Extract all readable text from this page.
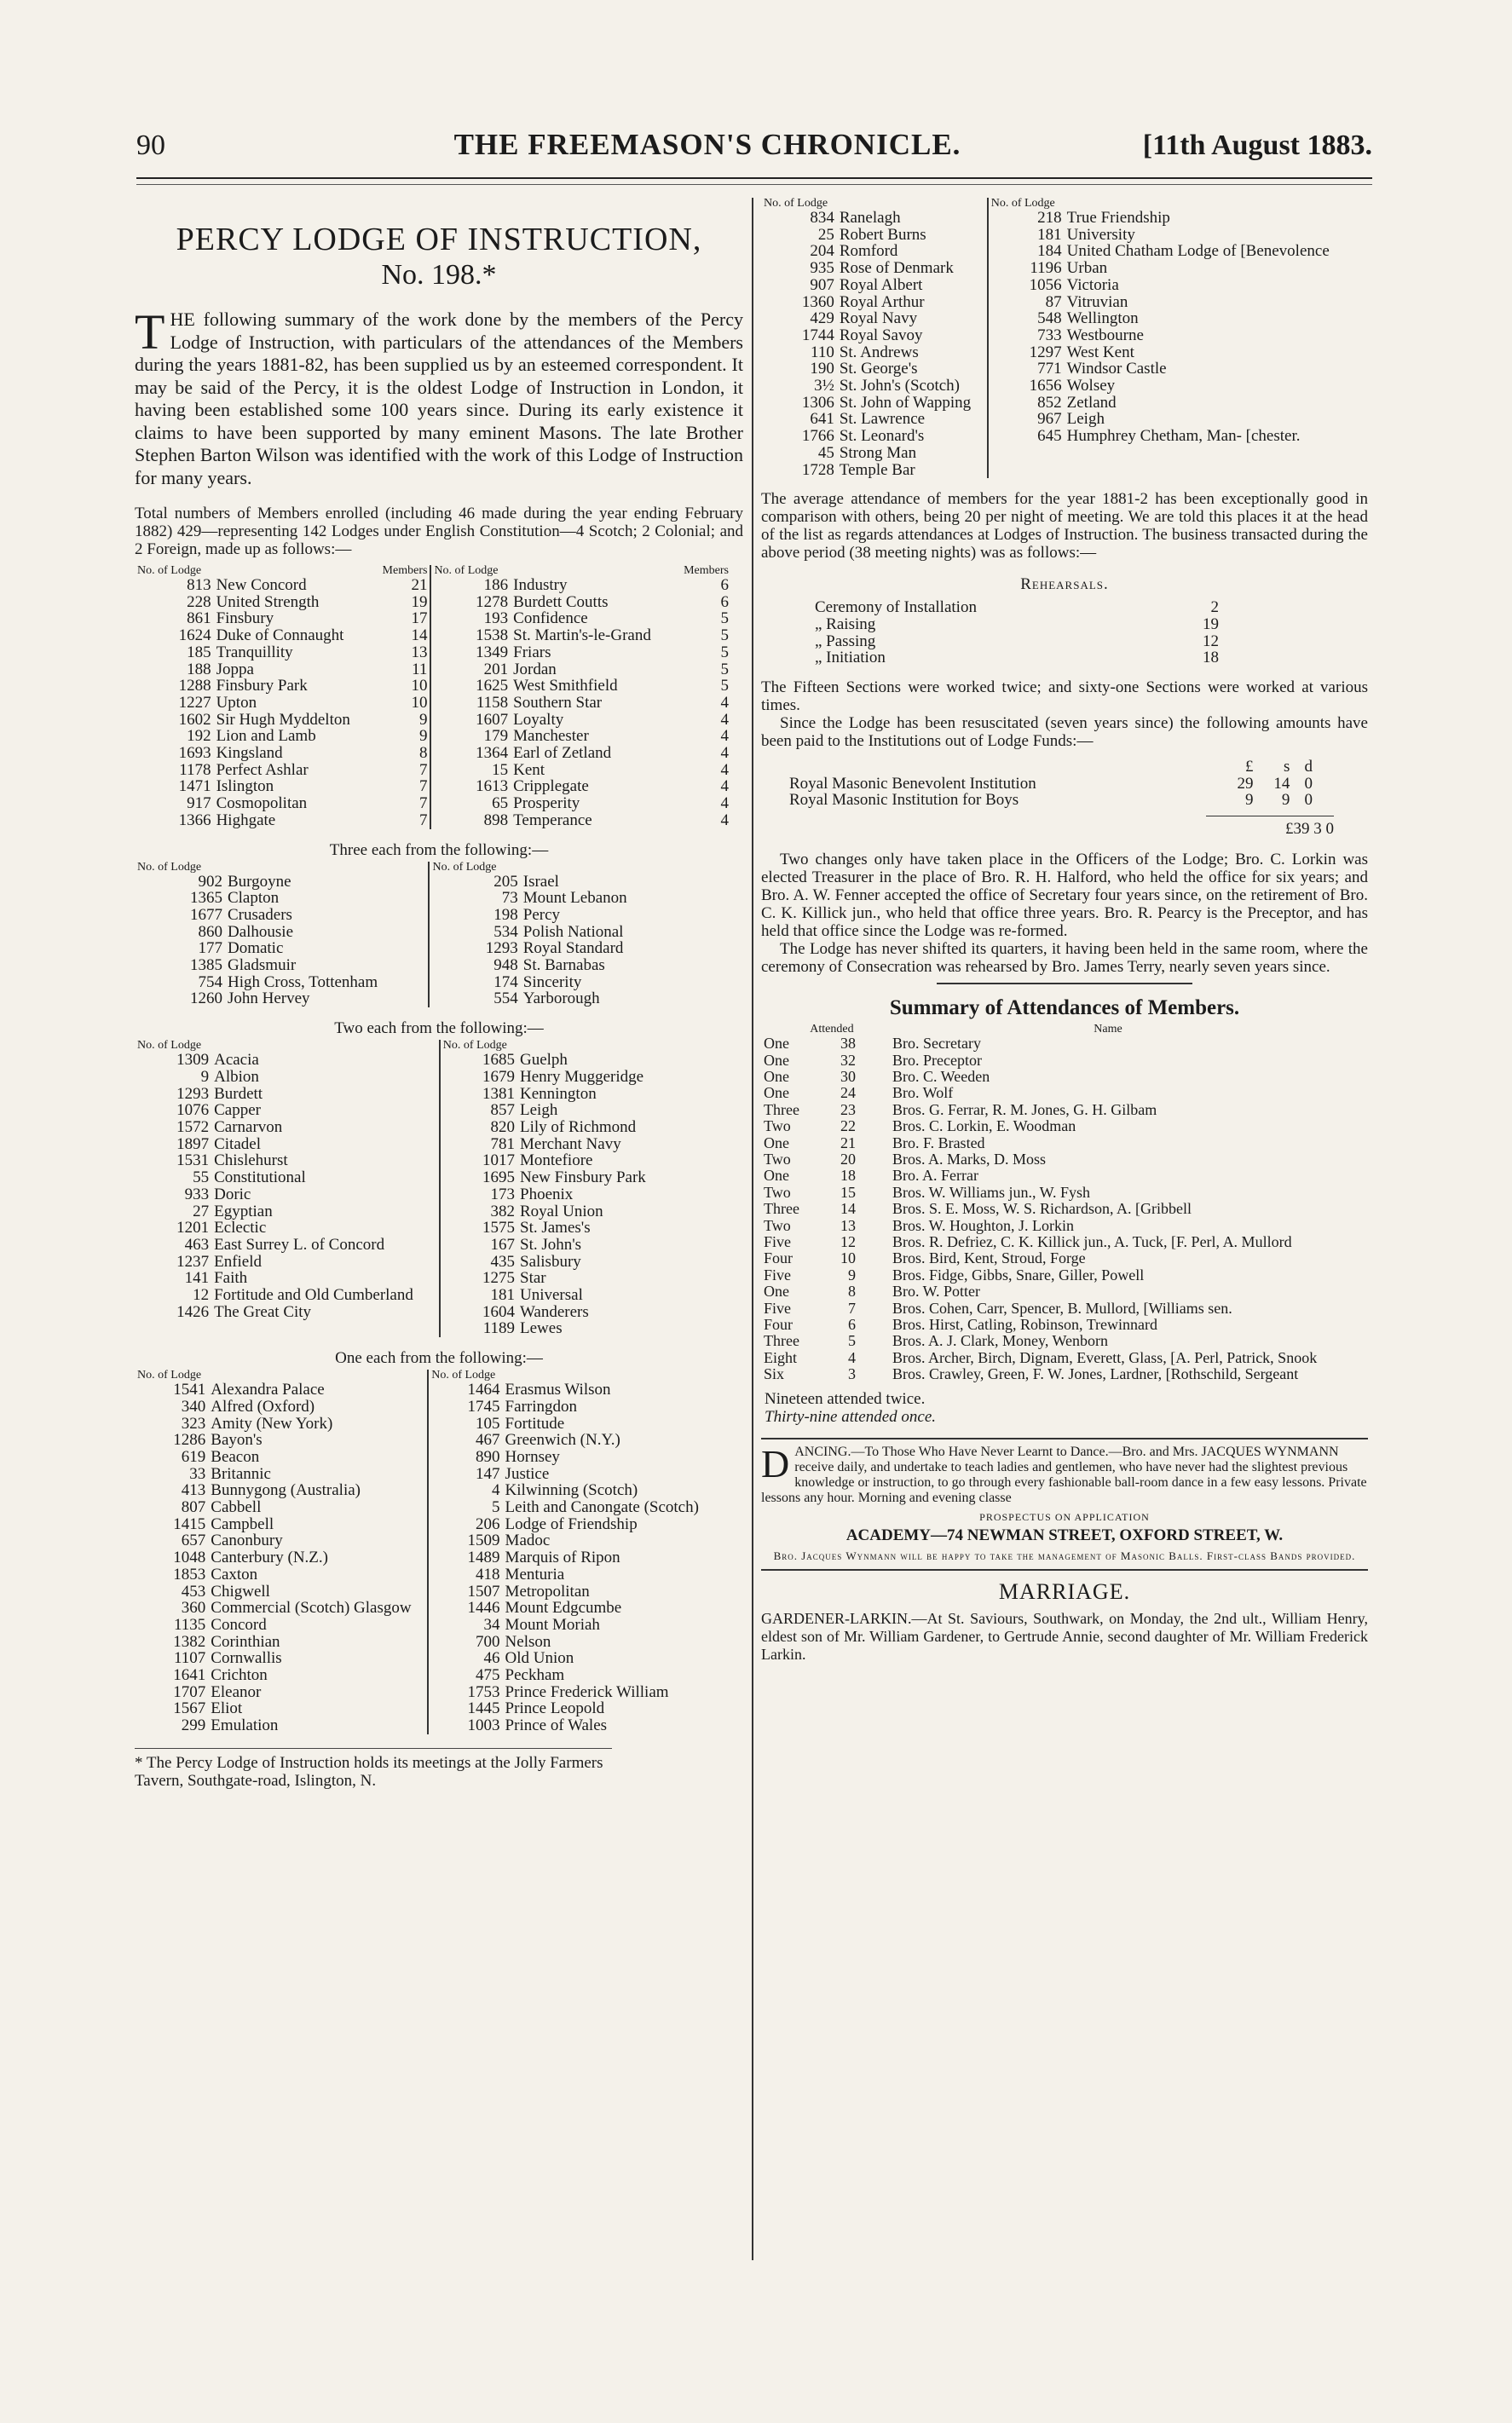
90	THE FREEMASON'S CHRONICLE.	[11th August 1883.
PERCY LODGE OF INSTRUCTION,
No. 198.*

THE following summary of the work done by the members of the Percy Lodge of Instruction, with particulars of the attendances of the Members during the years 1881-82, has been supplied us by an esteemed correspondent. It may be said of the Percy, it is the oldest Lodge of Instruction in London, it having been established some 100 years since. During its early existence it claims to have been supported by many eminent Masons. The late Brother Stephen Barton Wilson was identified with the work of this Lodge of Instruction for many years.

Total numbers of Members enrolled (including 46 made during the year ending February 1882) 429—representing 142 Lodges under English Constitution—4 Scotch; 2 Colonial; and 2 Foreign, made up as follows:—

No. of Lodge		Members	No. of Lodge		Members
813	New Concord	21	186	Industry	6
228	United Strength	19	1278	Burdett Coutts	6
861	Finsbury	17	193	Confidence	5
1624	Duke of Connaught	14	1538	St. Martin's-le-Grand	5
185	Tranquillity	13	1349	Friars	5
188	Joppa	11	201	Jordan	5
1288	Finsbury Park	10	1625	West Smithfield	5
1227	Upton	10	1158	Southern Star	4
1602	Sir Hugh Myddelton	9	1607	Loyalty	4
192	Lion and Lamb	9	179	Manchester	4
1693	Kingsland	8	1364	Earl of Zetland	4
1178	Perfect Ashlar	7	15	Kent	4
1471	Islington	7	1613	Cripplegate	4
917	Cosmopolitan	7	65	Prosperity	4
1366	Highgate	7	898	Temperance	4
Three each from the following:—
No. of Lodge		No. of Lodge	
902	Burgoyne	205	Israel
1365	Clapton	73	Mount Lebanon
1677	Crusaders	198	Percy
860	Dalhousie	534	Polish National
177	Domatic	1293	Royal Standard
1385	Gladsmuir	948	St. Barnabas
754	High Cross, Tottenham	174	Sincerity
1260	John Hervey	554	Yarborough
Two each from the following:—
No. of Lodge		No. of Lodge	
1309	Acacia	1685	Guelph
9	Albion	1679	Henry Muggeridge
1293	Burdett	1381	Kennington
1076	Capper	857	Leigh
1572	Carnarvon	820	Lily of Richmond
1897	Citadel	781	Merchant Navy
1531	Chislehurst	1017	Montefiore
55	Constitutional	1695	New Finsbury Park
933	Doric	173	Phoenix
27	Egyptian	382	Royal Union
1201	Eclectic	1575	St. James's
463	East Surrey L. of Concord	167	St. John's
1237	Enfield	435	Salisbury
141	Faith	1275	Star
12	Fortitude and Old Cumberland	181	Universal
1426	The Great City	1604	Wanderers
		1189	Lewes
One each from the following:—
No. of Lodge		No. of Lodge	
1541	Alexandra Palace	1464	Erasmus Wilson
340	Alfred (Oxford)	1745	Farringdon
323	Amity (New York)	105	Fortitude
1286	Bayon's	467	Greenwich (N.Y.)
619	Beacon	890	Hornsey
33	Britannic	147	Justice
413	Bunnygong (Australia)	4	Kilwinning (Scotch)
807	Cabbell	5	Leith and Canongate (Scotch)
1415	Campbell	206	Lodge of Friendship
657	Canonbury	1509	Madoc
1048	Canterbury (N.Z.)	1489	Marquis of Ripon
1853	Caxton	418	Menturia
453	Chigwell	1507	Metropolitan
360	Commercial (Scotch) Glasgow	1446	Mount Edgcumbe
1135	Concord	34	Mount Moriah
1382	Corinthian	700	Nelson
1107	Cornwallis	46	Old Union
1641	Crichton	475	Peckham
1707	Eleanor	1753	Prince Frederick William
1567	Eliot	1445	Prince Leopold
299	Emulation	1003	Prince of Wales
* The Percy Lodge of Instruction holds its meetings at the Jolly Farmers Tavern, Southgate-road, Islington, N.
No. of Lodge		No. of Lodge	
834	Ranelagh	218	True Friendship
25	Robert Burns	181	University
204	Romford	184	United Chatham Lodge of [Benevolence
935	Rose of Denmark	1196	Urban
907	Royal Albert	1056	Victoria
1360	Royal Arthur	87	Vitruvian
429	Royal Navy	548	Wellington
1744	Royal Savoy	733	Westbourne
110	St. Andrews	1297	West Kent
190	St. George's	771	Windsor Castle
3½	St. John's (Scotch)	1656	Wolsey
1306	St. John of Wapping	852	Zetland
641	St. Lawrence	967	Leigh
1766	St. Leonard's	645	Humphrey Chetham, Man- [chester.
45	Strong Man		
1728	Temple Bar		

The average attendance of members for the year 1881-2 has been exceptionally good in comparison with others, being 20 per night of meeting. We are told this places it at the head of the list as regards attendances at Lodges of Instruction. The business transacted during the above period (38 meeting nights) was as follows:—

Rehearsals.
Ceremony of Installation		2
„ Raising		19
„ Passing		12
„ Initiation		18

The Fifteen Sections were worked twice; and sixty-one Sections were worked at various times.

Since the Lodge has been resuscitated (seven years since) the following amounts have been paid to the Institutions out of Lodge Funds:—

	£	s	d
Royal Masonic Benevolent Institution	29	14	0
Royal Masonic Institution for Boys	9	9	0
£39 3 0

Two changes only have taken place in the Officers of the Lodge; Bro. C. Lorkin was elected Treasurer in the place of Bro. R. H. Halford, who held the office for six years; and Bro. A. W. Fenner accepted the office of Secretary four years since, on the retirement of Bro. C. K. Killick jun., who held that office three years. Bro. R. Pearcy is the Preceptor, and has held that office since the Lodge was re-formed.

The Lodge has never shifted its quarters, it having been held in the same room, where the ceremony of Consecration was rehearsed by Bro. James Terry, nearly seven years since.

Summary of Attendances of Members.
	Attended	Name
One	38	Bro. Secretary
One	32	Bro. Preceptor
One	30	Bro. C. Weeden
One	24	Bro. Wolf
Three	23	Bros. G. Ferrar, R. M. Jones, G. H. Gilbam
Two	22	Bros. C. Lorkin, E. Woodman
One	21	Bro. F. Brasted
Two	20	Bros. A. Marks, D. Moss
One	18	Bro. A. Ferrar
Two	15	Bros. W. Williams jun., W. Fysh
Three	14	Bros. S. E. Moss, W. S. Richardson, A. [Gribbell
Two	13	Bros. W. Houghton, J. Lorkin
Five	12	Bros. R. Defriez, C. K. Killick jun., A. Tuck, [F. Perl, A. Mullord
Four	10	Bros. Bird, Kent, Stroud, Forge
Five	9	Bros. Fidge, Gibbs, Snare, Giller, Powell
One	8	Bro. W. Potter
Five	7	Bros. Cohen, Carr, Spencer, B. Mullord, [Williams sen.
Four	6	Bros. Hirst, Catling, Robinson, Trewinnard
Three	5	Bros. A. J. Clark, Money, Wenborn
Eight	4	Bros. Archer, Birch, Dignam, Everett, Glass, [A. Perl, Patrick, Snook
Six	3	Bros. Crawley, Green, F. W. Jones, Lardner, [Rothschild, Sergeant

Nineteen attended twice.

Thirty-nine attended once.

DANCING.—To Those Who Have Never Learnt to Dance.—Bro. and Mrs. JACQUES WYNMANN receive daily, and undertake to teach ladies and gentlemen, who have never had the slightest previous knowledge or instruction, to go through every fashionable ball-room dance in a few easy lessons. Private lessons any hour. Morning and evening classe
PROSPECTUS ON APPLICATION
ACADEMY—74 NEWMAN STREET, OXFORD STREET, W.
Bro. Jacques Wynmann will be happy to take the management of Masonic Balls. First-class Bands provided.
MARRIAGE.

GARDENER-LARKIN.—At St. Saviours, Southwark, on Monday, the 2nd ult., William Henry, eldest son of Mr. William Gardener, to Gertrude Annie, second daughter of Mr. William Frederick Larkin.
